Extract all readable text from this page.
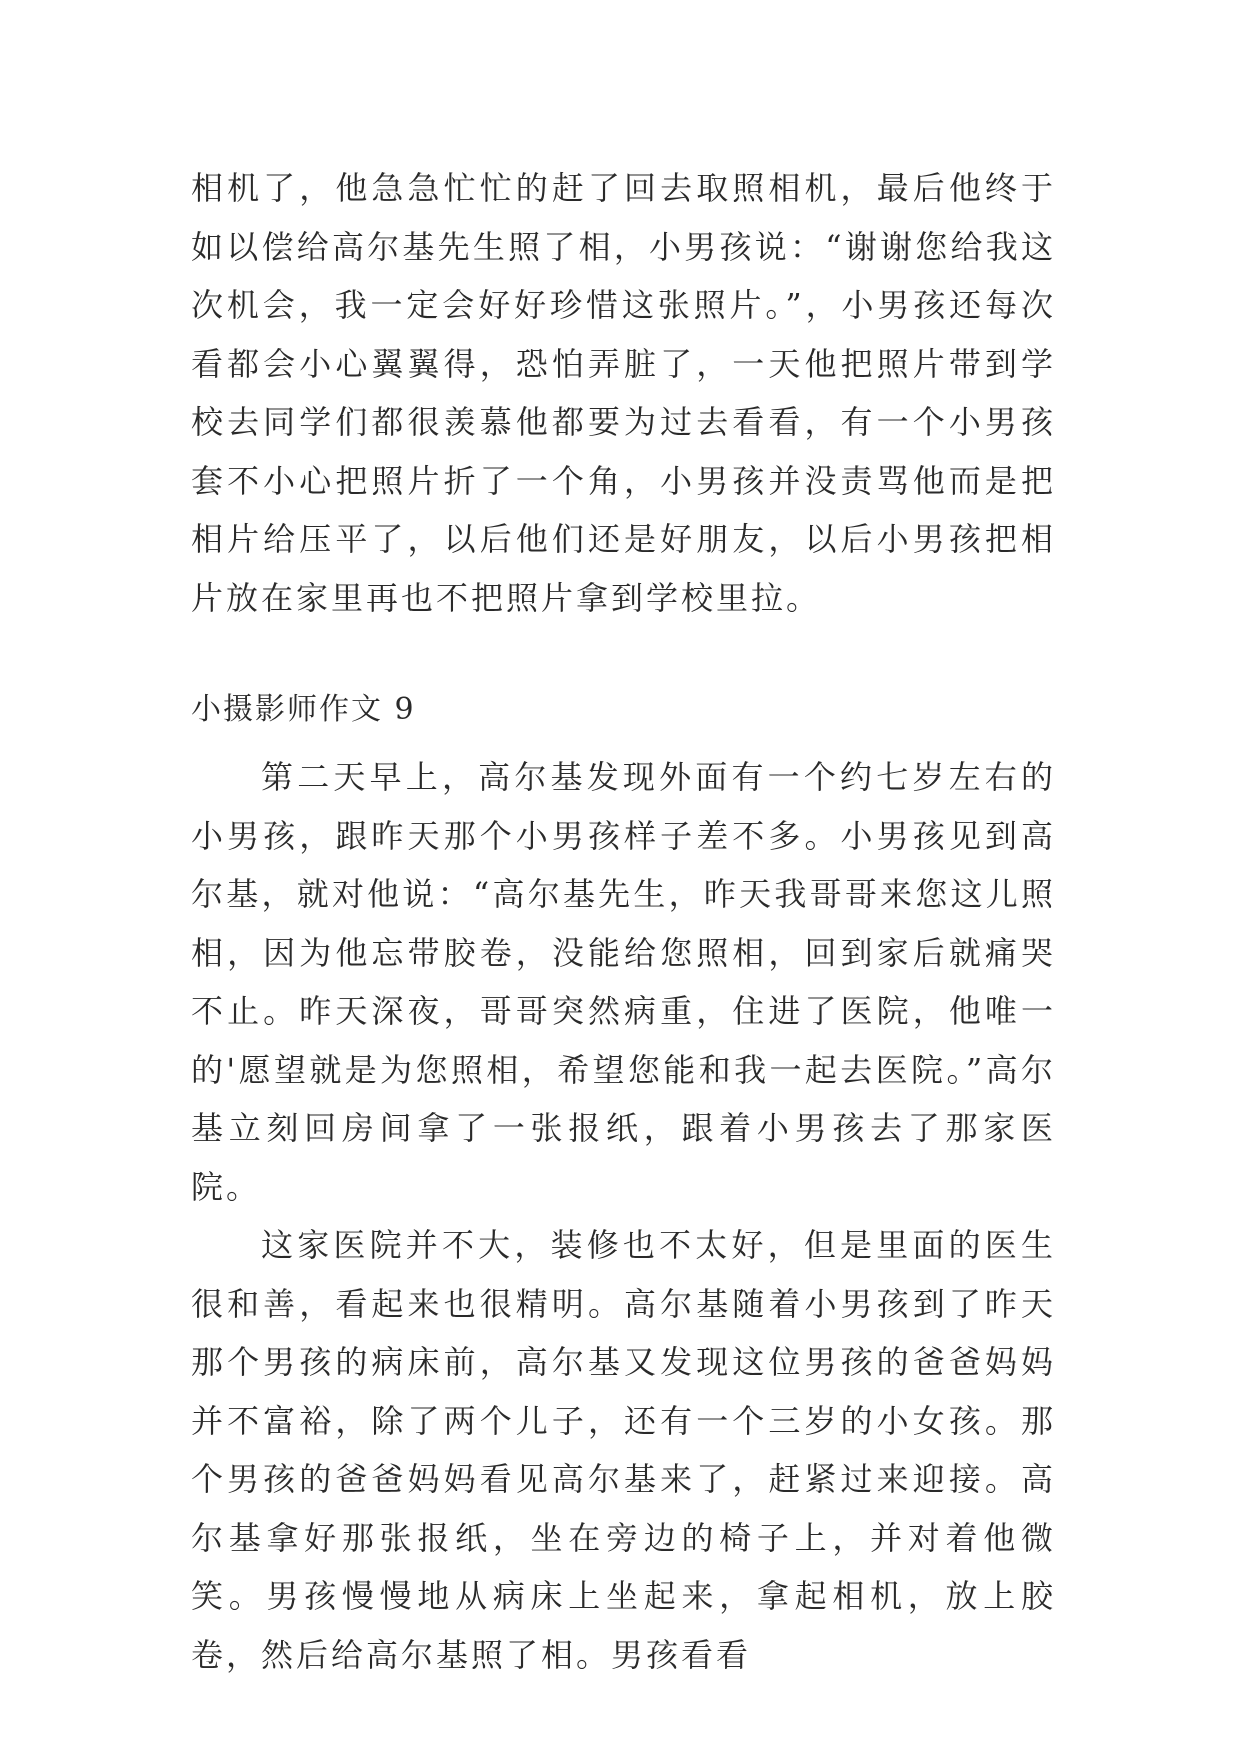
相机了，他急急忙忙的赶了回去取照相机，最后他终于如以偿给高尔基先生照了相，小男孩说：“谢谢您给我这次机会，我一定会好好珍惜这张照片。”，小男孩还每次看都会小心翼翼得，恐怕弄脏了，一天他把照片带到学校去同学们都很羡慕他都要为过去看看，有一个小男孩套不小心把照片折了一个角，小男孩并没责骂他而是把相片给压平了，以后他们还是好朋友，以后小男孩把相片放在家里再也不把照片拿到学校里拉。

小摄影师作文 9

第二天早上，高尔基发现外面有一个约七岁左右的小男孩，跟昨天那个小男孩样子差不多。小男孩见到高尔基，就对他说：“高尔基先生，昨天我哥哥来您这儿照相，因为他忘带胶卷，没能给您照相，回到家后就痛哭不止。昨天深夜，哥哥突然病重，住进了医院，他唯一的'愿望就是为您照相，希望您能和我一起去医院。”高尔基立刻回房间拿了一张报纸，跟着小男孩去了那家医院。

这家医院并不大，装修也不太好，但是里面的医生很和善，看起来也很精明。高尔基随着小男孩到了昨天那个男孩的病床前，高尔基又发现这位男孩的爸爸妈妈并不富裕，除了两个儿子，还有一个三岁的小女孩。那个男孩的爸爸妈妈看见高尔基来了，赶紧过来迎接。高尔基拿好那张报纸，坐在旁边的椅子上，并对着他微笑。男孩慢慢地从病床上坐起来，拿起相机，放上胶卷，然后给高尔基照了相。男孩看看
